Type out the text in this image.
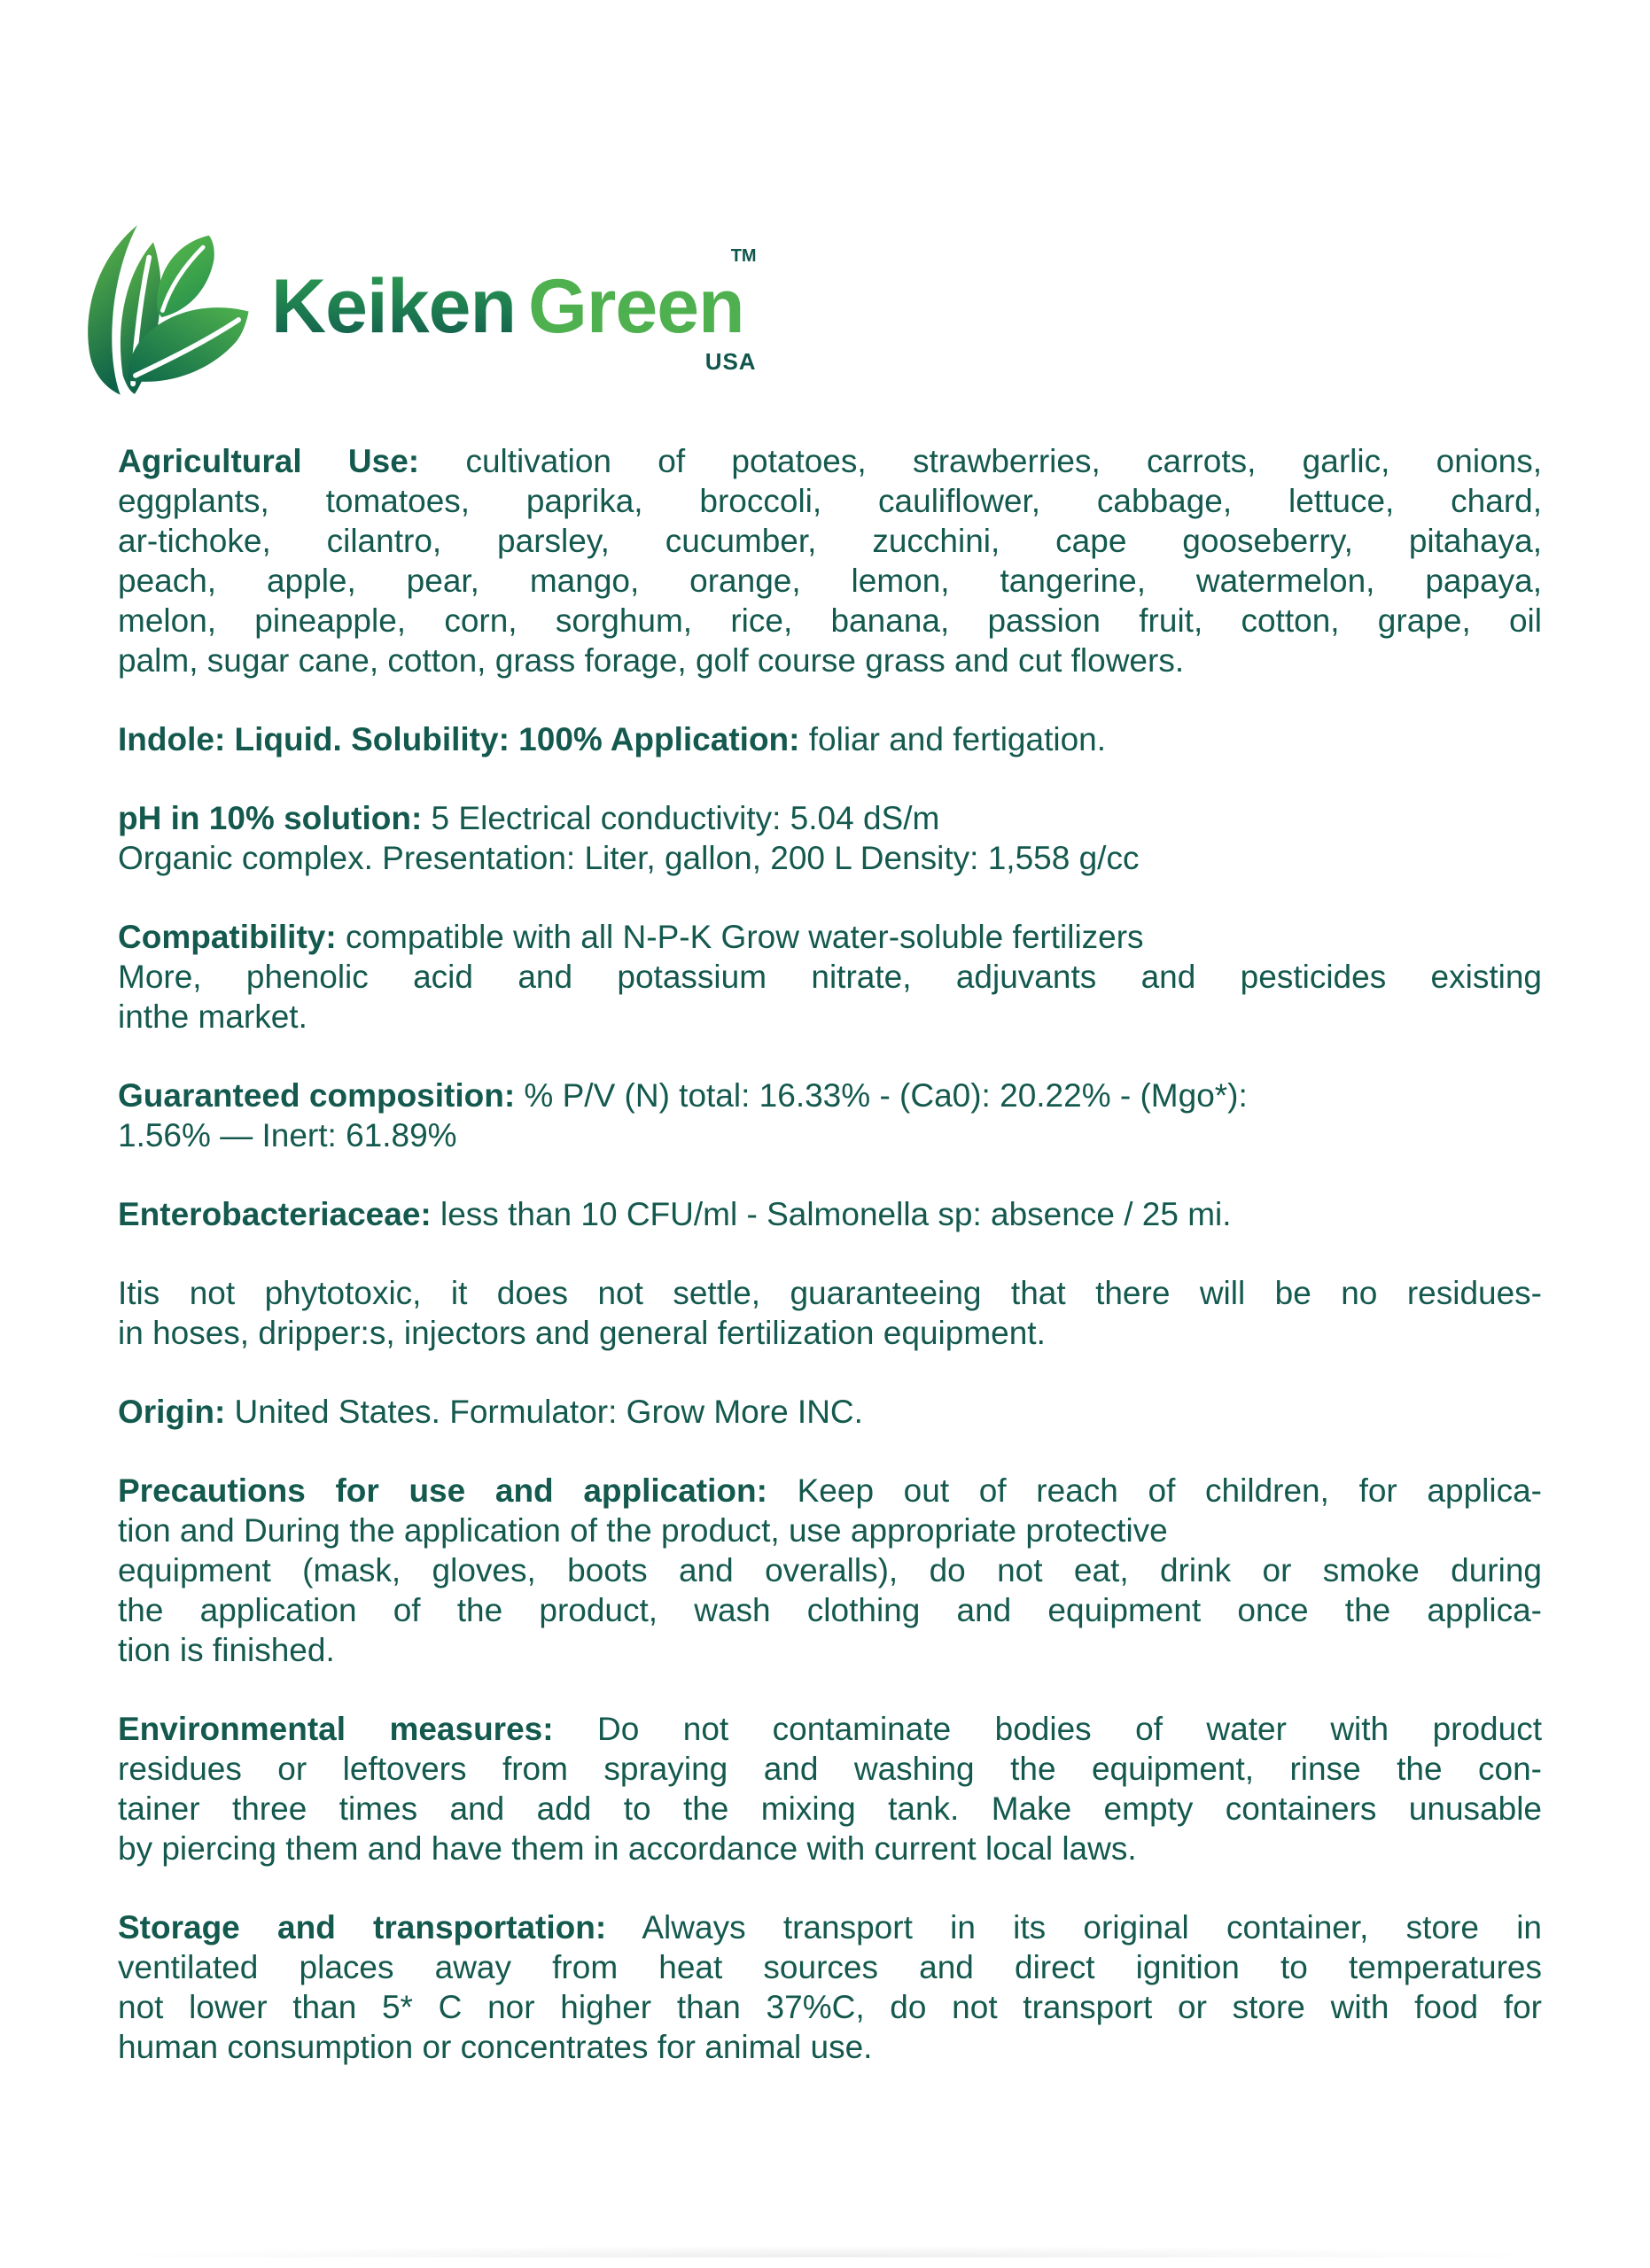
Keiken Green
TM
USA

Agricultural Use: cultivation of potatoes, strawberries, carrots, garlic, onions,
eggplants, tomatoes, paprika, broccoli, cauliflower, cabbage, lettuce, chard,
ar-tichoke, cilantro, parsley, cucumber, zucchini, cape gooseberry, pitahaya,
peach, apple, pear, mango, orange, lemon, tangerine, watermelon, papaya,
melon, pineapple, corn, sorghum, rice, banana, passion fruit, cotton, grape, oil
palm, sugar cane, cotton, grass forage, golf course grass and cut flowers.

Indole: Liquid. Solubility: 100% Application: foliar and fertigation.

pH in 10% solution: 5 Electrical conductivity: 5.04 dS/m
Organic complex. Presentation: Liter, gallon, 200 L Density: 1,558 g/cc

Compatibility: compatible with all N-P-K Grow water-soluble fertilizers
More, phenolic acid and potassium nitrate, adjuvants and pesticides existing
inthe market.

Guaranteed composition: % P/V (N) total: 16.33% - (Ca0): 20.22% - (Mgo*):
1.56% — Inert: 61.89%

Enterobacteriaceae: less than 10 CFU/ml - Salmonella sp: absence / 25 mi.

Itis not phytotoxic, it does not settle, guaranteeing that there will be no residues-
in hoses, dripper:s, injectors and general fertilization equipment.

Origin: United States. Formulator: Grow More INC.

Precautions for use and application: Keep out of reach of children, for applica-
tion and During the application of the product, use appropriate protective
equipment (mask, gloves, boots and overalls), do not eat, drink or smoke during
the application of the product, wash clothing and equipment once the applica-
tion is finished.

Environmental measures: Do not contaminate bodies of water with product
residues or leftovers from spraying and washing the equipment, rinse the con-
tainer three times and add to the mixing tank. Make empty containers unusable
by piercing them and have them in accordance with current local laws.

Storage and transportation: Always transport in its original container, store in
ventilated places away from heat sources and direct ignition to temperatures
not lower than 5* C nor higher than 37%C, do not transport or store with food for
human consumption or concentrates for animal use.
